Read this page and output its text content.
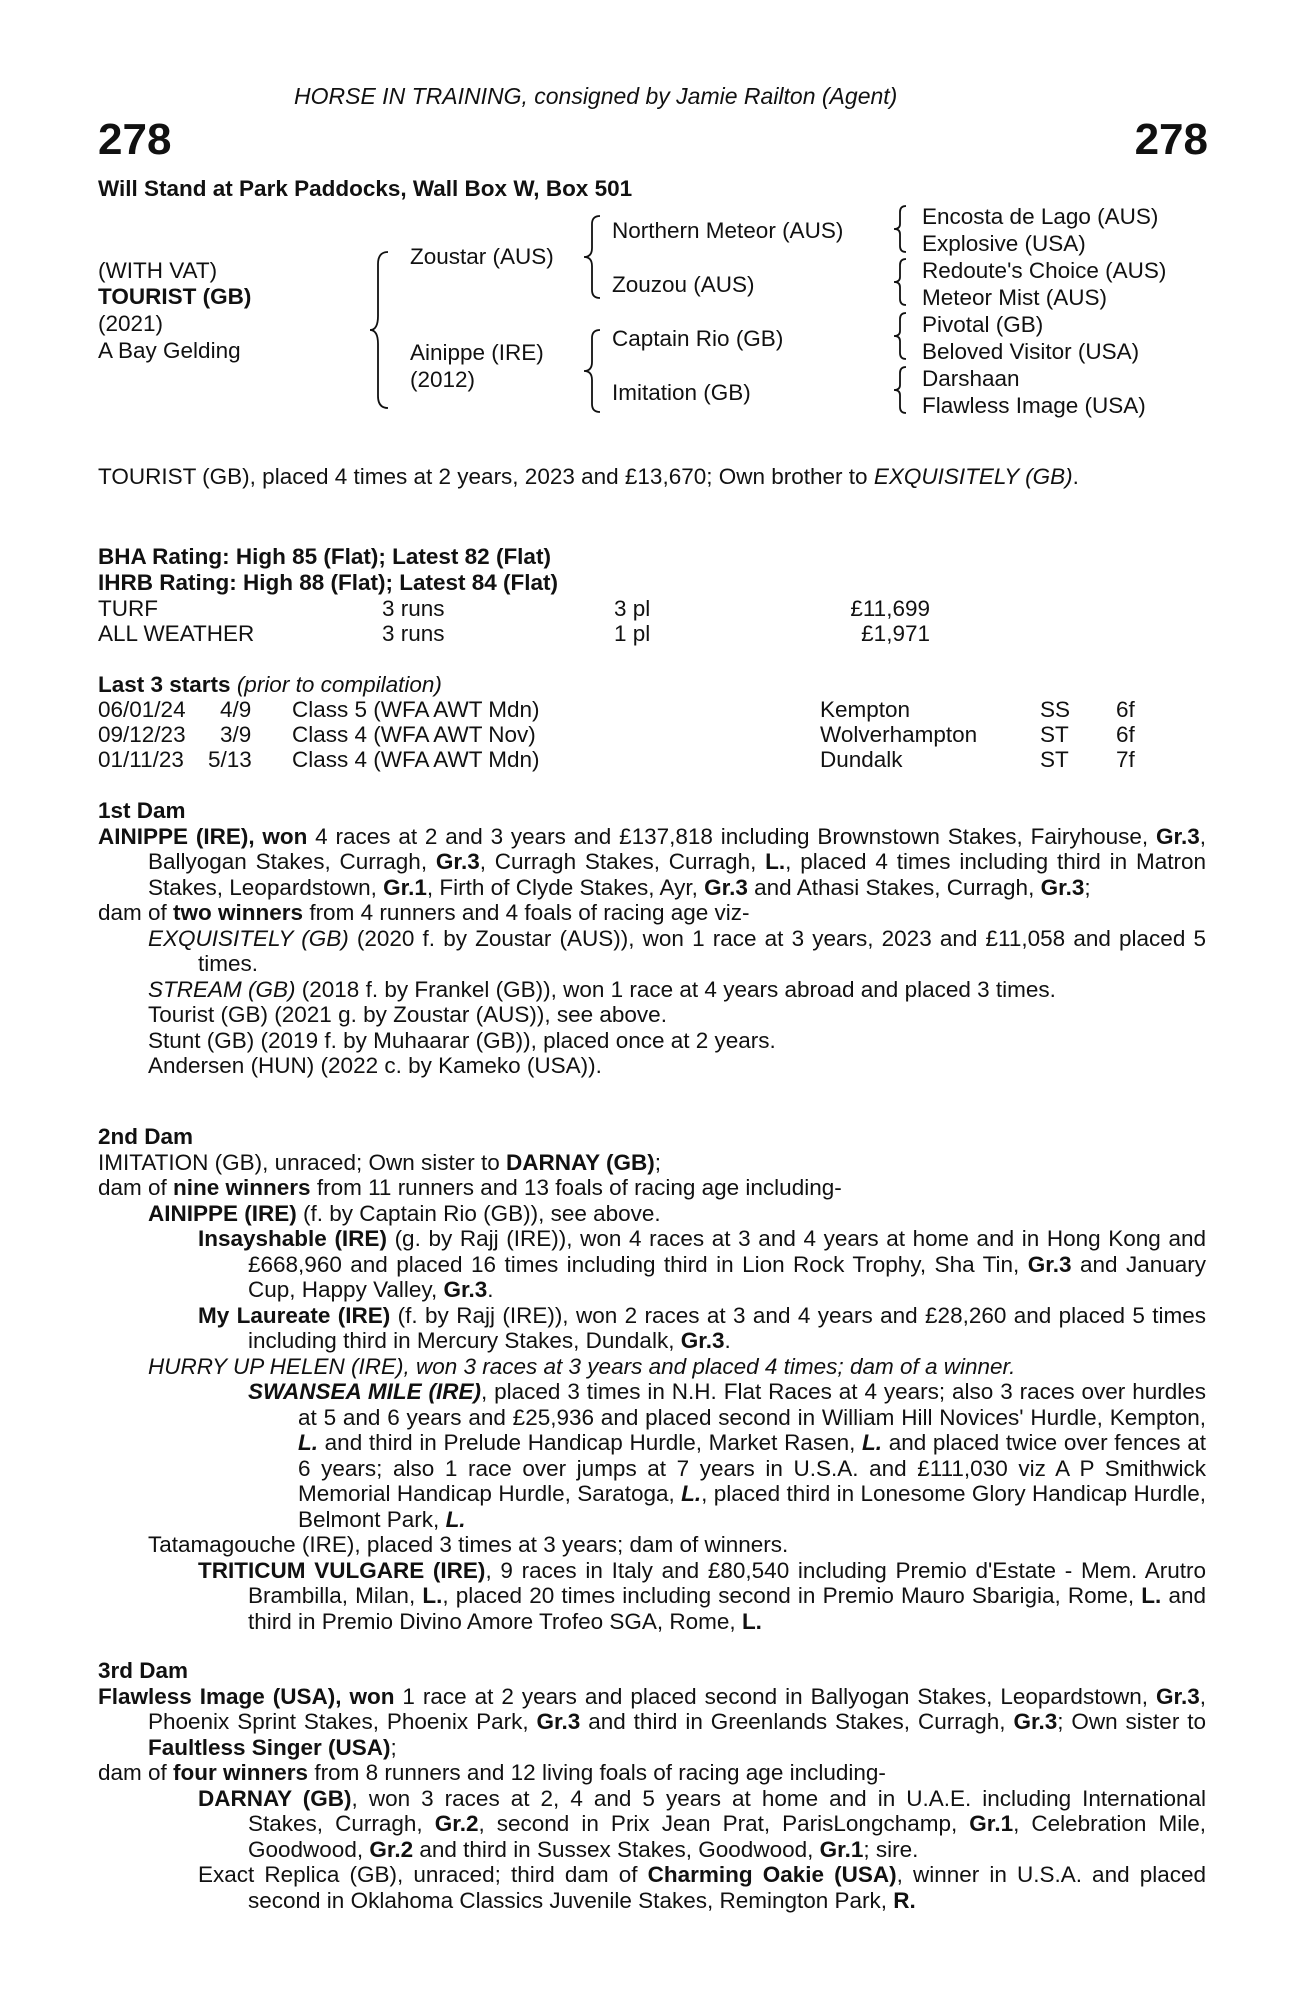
HORSE IN TRAINING, consigned by Jamie Railton (Agent)
278	278
Will Stand at Park Paddocks, Wall Box W, Box 501
(WITH VAT)
TOURIST (GB)
(2021)
A Bay Gelding
Zoustar (AUS)
Ainippe (IRE)
(2012)
Northern Meteor (AUS)
Zouzou (AUS)
Captain Rio (GB)
Imitation (GB)
Encosta de Lago (AUS)
Explosive (USA)
Redoute's Choice (AUS)
Meteor Mist (AUS)
Pivotal (GB)
Beloved Visitor (USA)
Darshaan
Flawless Image (USA)

TOURIST (GB), placed 4 times at 2 years, 2023 and £13,670; Own brother to EXQUISITELY (GB).

BHA Rating: High 85 (Flat); Latest 82 (Flat)
IHRB Rating: High 88 (Flat); Latest 84 (Flat)
TURF	3 runs	3 pl	£11,699
ALL WEATHER	3 runs	1 pl	£1,971
Last 3 starts (prior to compilation)
06/01/24 4/9 Class 5 (WFA AWT Mdn)	Kempton	SS 6f
09/12/23 3/9 Class 4 (WFA AWT Nov)	Wolverhampton	ST 6f
01/11/23 5/13 Class 4 (WFA AWT Mdn)	Dundalk	ST 7f

1st Dam

AINIPPE (IRE), won 4 races at 2 and 3 years and £137,818 including Brownstown Stakes, Fairyhouse, Gr.3, Ballyogan Stakes, Curragh, Gr.3, Curragh Stakes, Curragh, L., placed 4 times including third in Matron Stakes, Leopardstown, Gr.1, Firth of Clyde Stakes, Ayr, Gr.3 and Athasi Stakes, Curragh, Gr.3;

dam of two winners from 4 runners and 4 foals of racing age viz-

EXQUISITELY (GB) (2020 f. by Zoustar (AUS)), won 1 race at 3 years, 2023 and £11,058 and placed 5 times.

STREAM (GB) (2018 f. by Frankel (GB)), won 1 race at 4 years abroad and placed 3 times.

Tourist (GB) (2021 g. by Zoustar (AUS)), see above.

Stunt (GB) (2019 f. by Muhaarar (GB)), placed once at 2 years.

Andersen (HUN) (2022 c. by Kameko (USA)).

2nd Dam

IMITATION (GB), unraced; Own sister to DARNAY (GB);

dam of nine winners from 11 runners and 13 foals of racing age including-

AINIPPE (IRE) (f. by Captain Rio (GB)), see above.

Insayshable (IRE) (g. by Rajj (IRE)), won 4 races at 3 and 4 years at home and in Hong Kong and £668,960 and placed 16 times including third in Lion Rock Trophy, Sha Tin, Gr.3 and January Cup, Happy Valley, Gr.3.

My Laureate (IRE) (f. by Rajj (IRE)), won 2 races at 3 and 4 years and £28,260 and placed 5 times including third in Mercury Stakes, Dundalk, Gr.3.

HURRY UP HELEN (IRE), won 3 races at 3 years and placed 4 times; dam of a winner.

SWANSEA MILE (IRE), placed 3 times in N.H. Flat Races at 4 years; also 3 races over hurdles at 5 and 6 years and £25,936 and placed second in William Hill Novices' Hurdle, Kempton, L. and third in Prelude Handicap Hurdle, Market Rasen, L. and placed twice over fences at 6 years; also 1 race over jumps at 7 years in U.S.A. and £111,030 viz A P Smithwick Memorial Handicap Hurdle, Saratoga, L., placed third in Lonesome Glory Handicap Hurdle, Belmont Park, L.

Tatamagouche (IRE), placed 3 times at 3 years; dam of winners.

TRITICUM VULGARE (IRE), 9 races in Italy and £80,540 including Premio d'Estate - Mem. Arutro Brambilla, Milan, L., placed 20 times including second in Premio Mauro Sbarigia, Rome, L. and third in Premio Divino Amore Trofeo SGA, Rome, L.

3rd Dam

Flawless Image (USA), won 1 race at 2 years and placed second in Ballyogan Stakes, Leopardstown, Gr.3, Phoenix Sprint Stakes, Phoenix Park, Gr.3 and third in Greenlands Stakes, Curragh, Gr.3; Own sister to Faultless Singer (USA);

dam of four winners from 8 runners and 12 living foals of racing age including-

DARNAY (GB), won 3 races at 2, 4 and 5 years at home and in U.A.E. including International Stakes, Curragh, Gr.2, second in Prix Jean Prat, ParisLongchamp, Gr.1, Celebration Mile, Goodwood, Gr.2 and third in Sussex Stakes, Goodwood, Gr.1; sire.

Exact Replica (GB), unraced; third dam of Charming Oakie (USA), winner in U.S.A. and placed second in Oklahoma Classics Juvenile Stakes, Remington Park, R.
